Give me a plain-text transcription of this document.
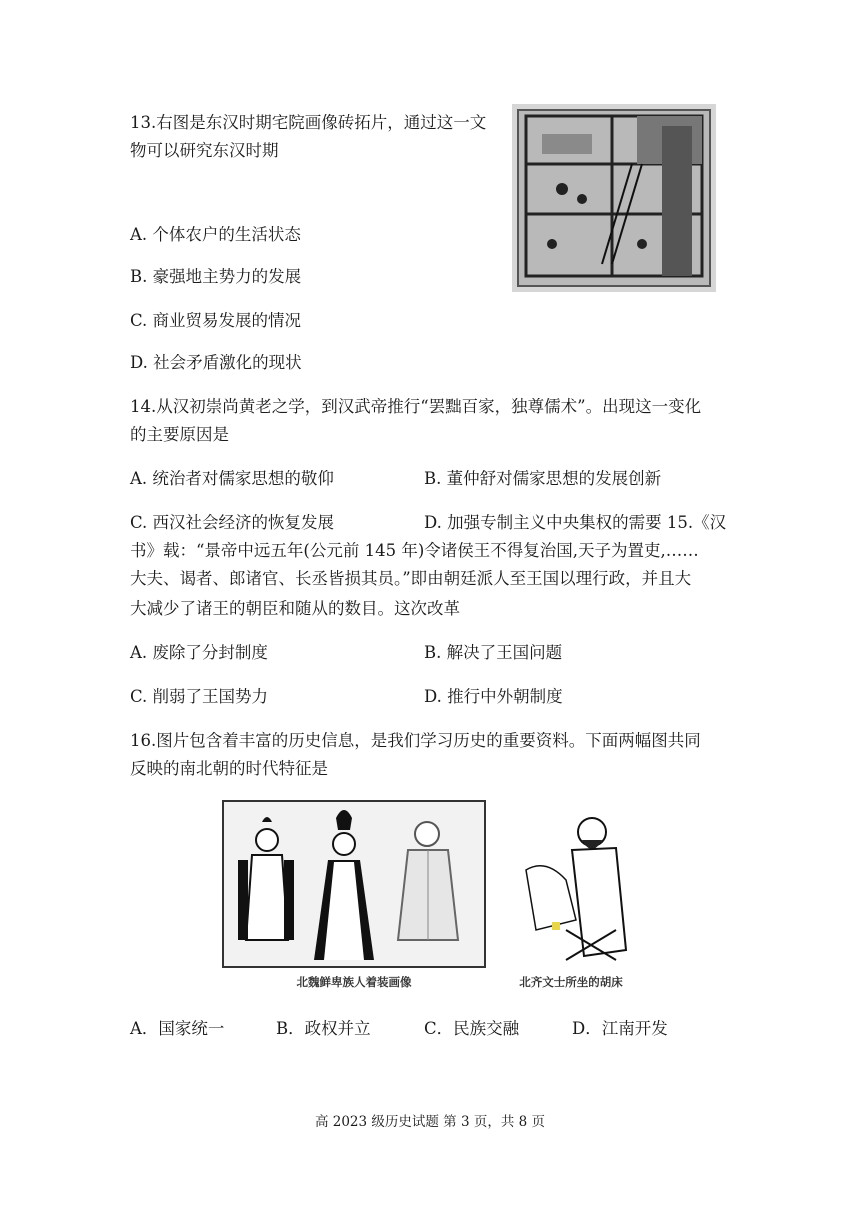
13.右图是东汉时期宅院画像砖拓片，通过这一文
物可以研究东汉时期
A. 个体农户的生活状态
B. 豪强地主势力的发展
C. 商业贸易发展的情况
D. 社会矛盾激化的现状
14.从汉初崇尚黄老之学，到汉武帝推行“罢黜百家，独尊儒术”。出现这一变化
的主要原因是
A. 统治者对儒家思想的敬仰	B. 董仲舒对儒家思想的发展创新
C. 西汉社会经济的恢复发展	D. 加强专制主义中央集权的需要 15.《汉
书》载：“景帝中远五年(公元前 145 年)令诸侯王不得复治国,天子为置吏,……
大夫、谒者、郎诸官、长丞皆损其员。”即由朝廷派人至王国以理行政，并且大
大减少了诸王的朝臣和随从的数目。这次改革
A. 废除了分封制度	B. 解决了王国问题
C. 削弱了王国势力	D. 推行中外朝制度
16.图片包含着丰富的历史信息，是我们学习历史的重要资料。下面两幅图共同
反映的南北朝的时代特征是
北魏鲜卑族人着装画像	北齐文士所坐的胡床
A．国家统一	B．政权并立	C．民族交融	D．江南开发
高 2023 级历史试题 第 3 页，共 8 页
